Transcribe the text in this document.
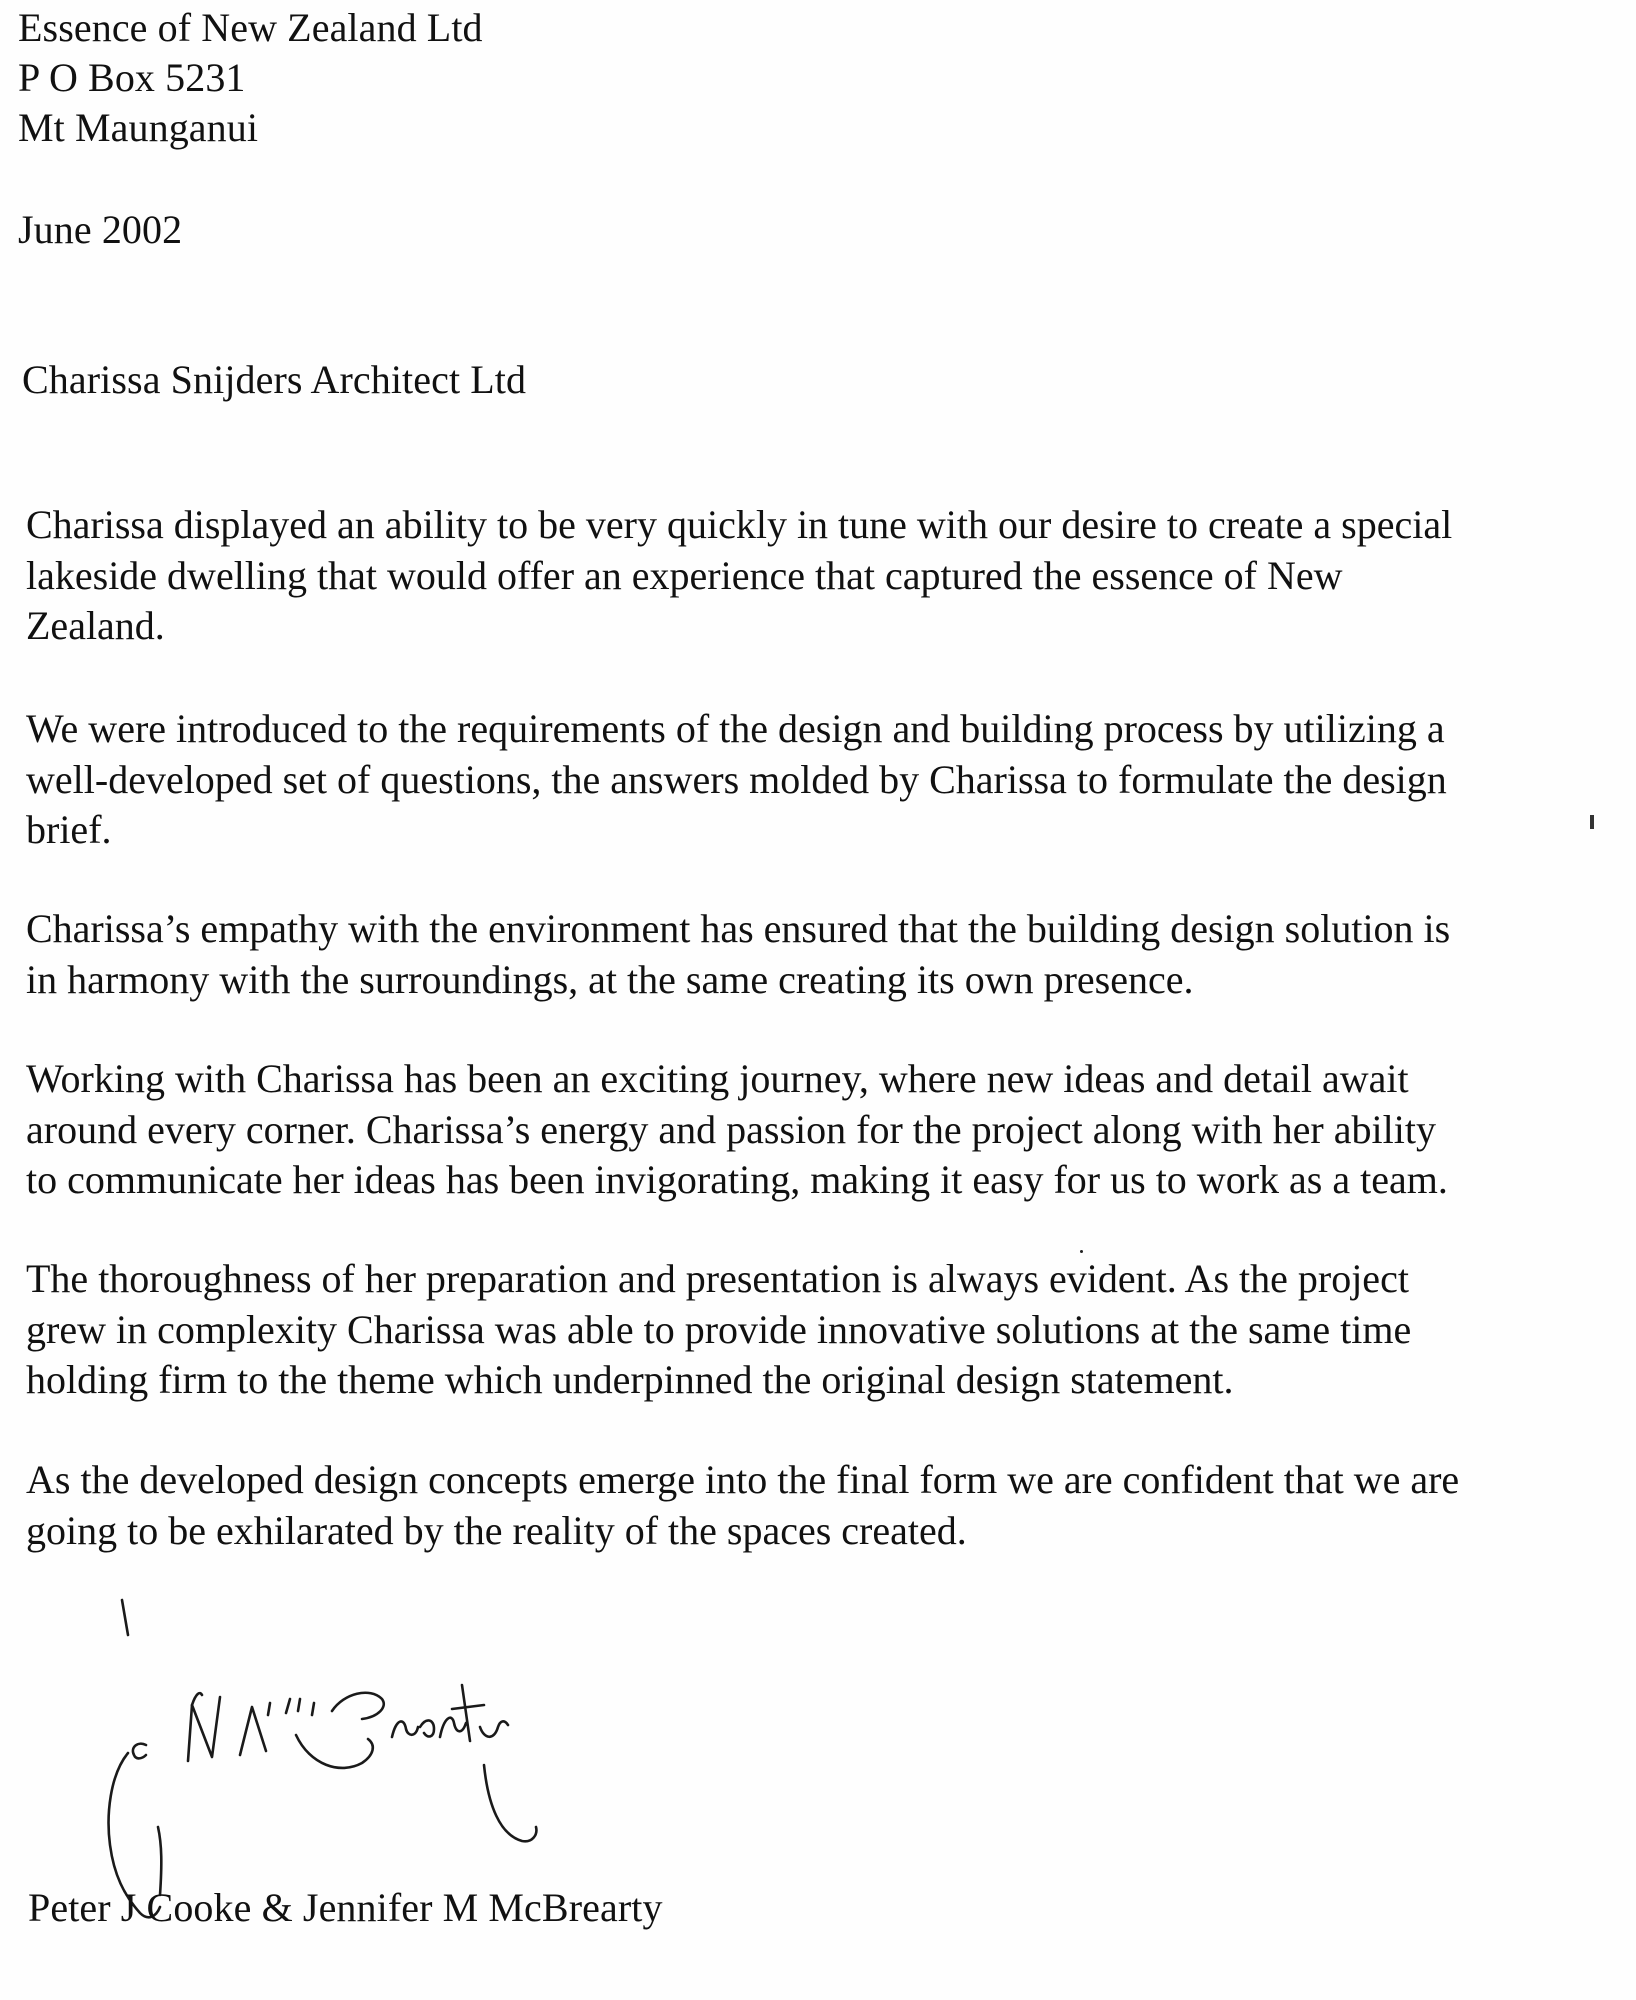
Essence of New Zealand Ltd
P O Box 5231
Mt Maunganui
June 2002
Charissa Snijders Architect Ltd
Charissa displayed an ability to be very quickly in tune with our desire to create a special
lakeside dwelling that would offer an experience that captured the essence of New
Zealand.
We were introduced to the requirements of the design and building process by utilizing a
well-developed set of questions, the answers molded by Charissa to formulate the design
brief.
Charissa’s empathy with the environment has ensured that the building design solution is
in harmony with the surroundings, at the same creating its own presence.
Working with Charissa has been an exciting journey, where new ideas and detail await
around every corner. Charissa’s energy and passion for the project along with her ability
to communicate her ideas has been invigorating, making it easy for us to work as a team.
The thoroughness of her preparation and presentation is always evident. As the project
grew in complexity Charissa was able to provide innovative solutions at the same time
holding firm to the theme which underpinned the original design statement.
As the developed design concepts emerge into the final form we are confident that we are
going to be exhilarated by the reality of the spaces created.
Peter J Cooke & Jennifer M McBrearty
